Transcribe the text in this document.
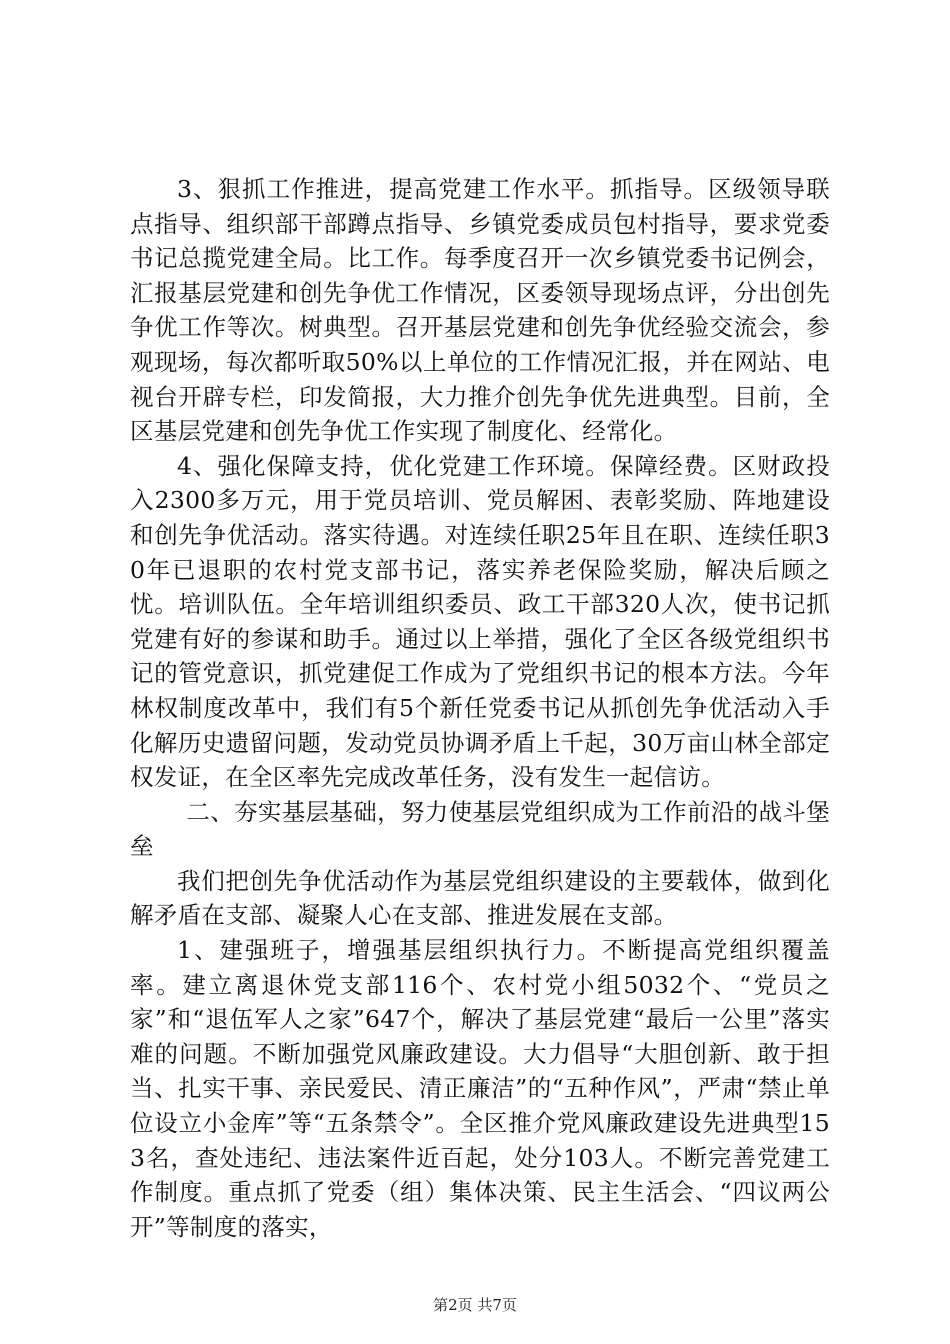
3、狠抓工作推进，提高党建工作水平。抓指导。区级领导联点指导、组织部干部蹲点指导、乡镇党委成员包村指导，要求党委书记总揽党建全局。比工作。每季度召开一次乡镇党委书记例会，汇报基层党建和创先争优工作情况，区委领导现场点评，分出创先争优工作等次。树典型。召开基层党建和创先争优经验交流会，参观现场，每次都听取50%以上单位的工作情况汇报，并在网站、电视台开辟专栏，印发简报，大力推介创先争优先进典型。目前，全区基层党建和创先争优工作实现了制度化、经常化。

4、强化保障支持，优化党建工作环境。保障经费。区财政投入2300多万元，用于党员培训、党员解困、表彰奖励、阵地建设和创先争优活动。落实待遇。对连续任职25年且在职、连续任职30年已退职的农村党支部书记，落实养老保险奖励，解决后顾之忧。培训队伍。全年培训组织委员、政工干部320人次，使书记抓党建有好的参谋和助手。通过以上举措，强化了全区各级党组织书记的管党意识，抓党建促工作成为了党组织书记的根本方法。今年林权制度改革中，我们有5个新任党委书记从抓创先争优活动入手化解历史遗留问题，发动党员协调矛盾上千起，30万亩山林全部定权发证，在全区率先完成改革任务，没有发生一起信访。

二、夯实基层基础，努力使基层党组织成为工作前沿的战斗堡垒

我们把创先争优活动作为基层党组织建设的主要载体，做到化解矛盾在支部、凝聚人心在支部、推进发展在支部。

1、建强班子，增强基层组织执行力。不断提高党组织覆盖率。建立离退休党支部116个、农村党小组5032个、“党员之家”和“退伍军人之家”647个，解决了基层党建“最后一公里”落实难的问题。不断加强党风廉政建设。大力倡导“大胆创新、敢于担当、扎实干事、亲民爱民、清正廉洁”的“五种作风”，严肃“禁止单位设立小金库”等“五条禁令”。全区推介党风廉政建设先进典型153名，查处违纪、违法案件近百起，处分103人。不断完善党建工作制度。重点抓了党委（组）集体决策、民主生活会、“四议两公开”等制度的落实，

第2页 共7页
